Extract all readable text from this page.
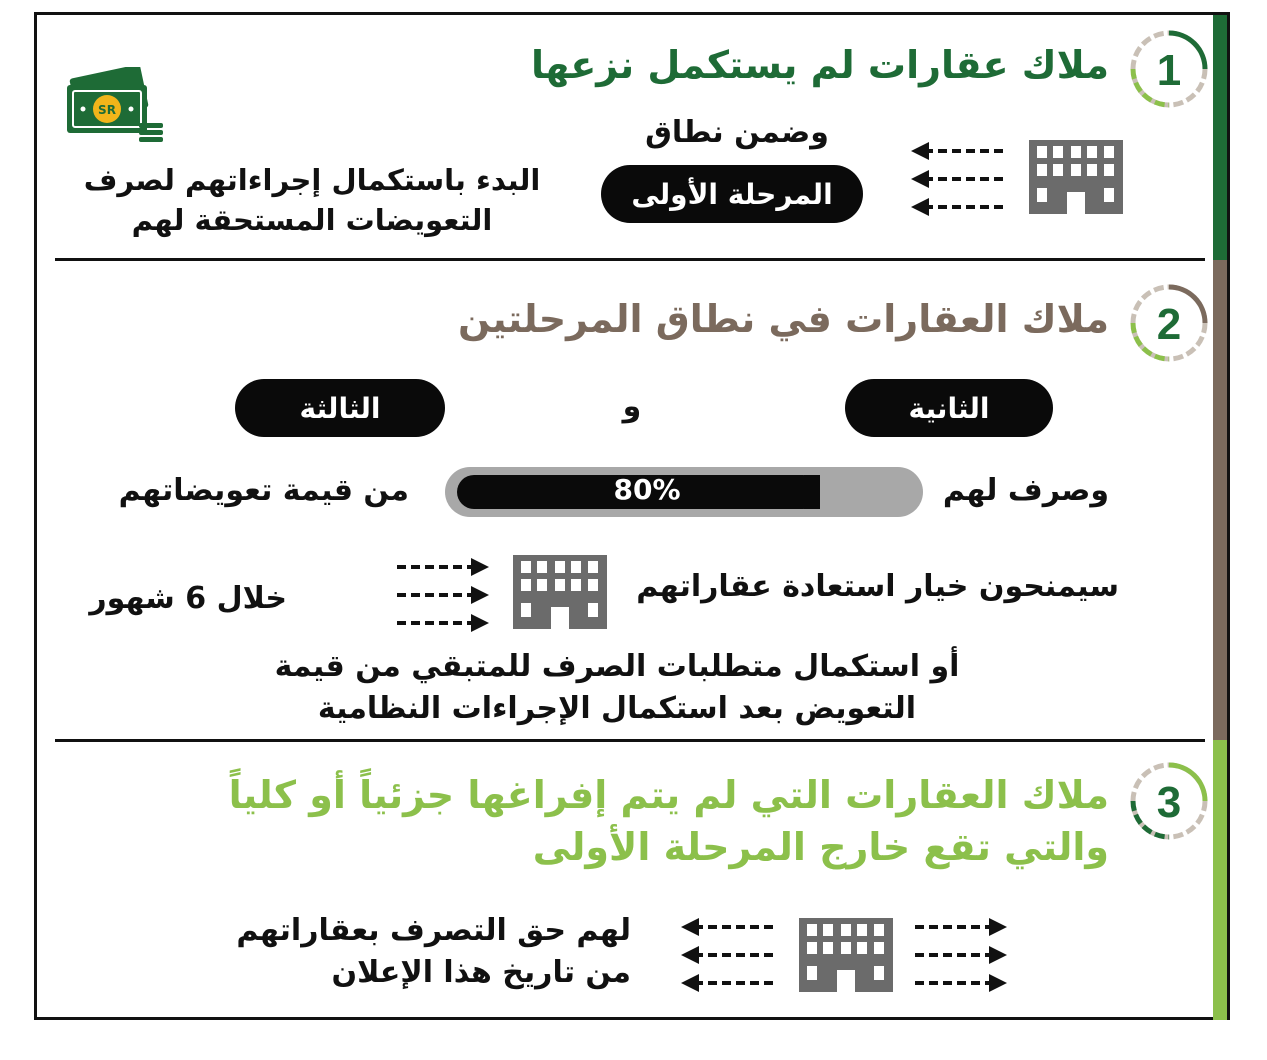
1
ملاك عقارات لم يستكمل نزعها
SR
وضمن نطاق
المرحلة الأولى
البدء باستكمال إجراءاتهم لصرف
التعويضات المستحقة لهم
2
ملاك العقارات في نطاق المرحلتين
الثانية
و
الثالثة
وصرف لهم
80%
من قيمة تعويضاتهم
سيمنحون خيار استعادة عقاراتهم
خلال 6 شهور
أو استكمال متطلبات الصرف للمتبقي من قيمة
التعويض بعد استكمال الإجراءات النظامية
3
ملاك العقارات التي لم يتم إفراغها جزئياً أو كلياً
والتي تقع خارج المرحلة الأولى
لهم حق التصرف بعقاراتهم
من تاريخ هذا الإعلان
